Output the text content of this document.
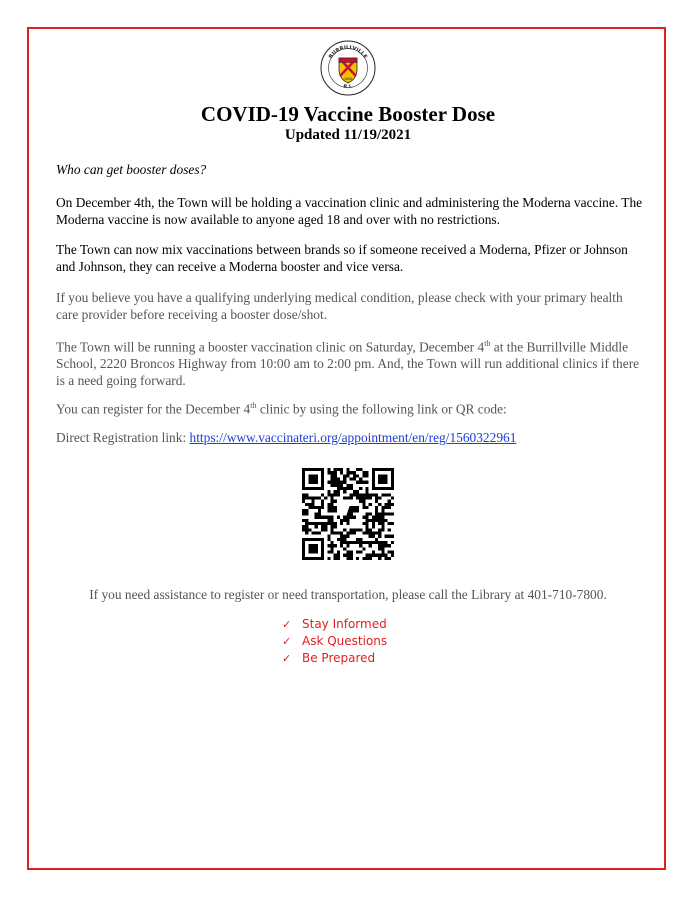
BURRILLVILLE
R.I.
1806
COVID-19 Vaccine Booster Dose
Updated 11/19/2021
Who can get booster doses?
On December 4th, the Town will be holding a vaccination clinic and administering the Moderna vaccine. The Moderna vaccine is now available to anyone aged 18 and over with no restrictions.
The Town can now mix vaccinations between brands so if someone received a Moderna, Pfizer or Johnson and Johnson, they can receive a Moderna booster and vice versa.
If you believe you have a qualifying underlying medical condition, please check with your primary health care provider before receiving a booster dose/shot.
The Town will be running a booster vaccination clinic on Saturday, December 4th at the Burrillville Middle School, 2220 Broncos Highway from 10:00 am to 2:00 pm. And, the Town will run additional clinics if there is a need going forward.
You can register for the December 4th clinic by using the following link or QR code:
Direct Registration link: https://www.vaccinateri.org/appointment/en/reg/1560322961
If you need assistance to register or need transportation, please call the Library at 401-710-7800.
✓ Stay Informed
✓ Ask Questions
✓ Be Prepared
